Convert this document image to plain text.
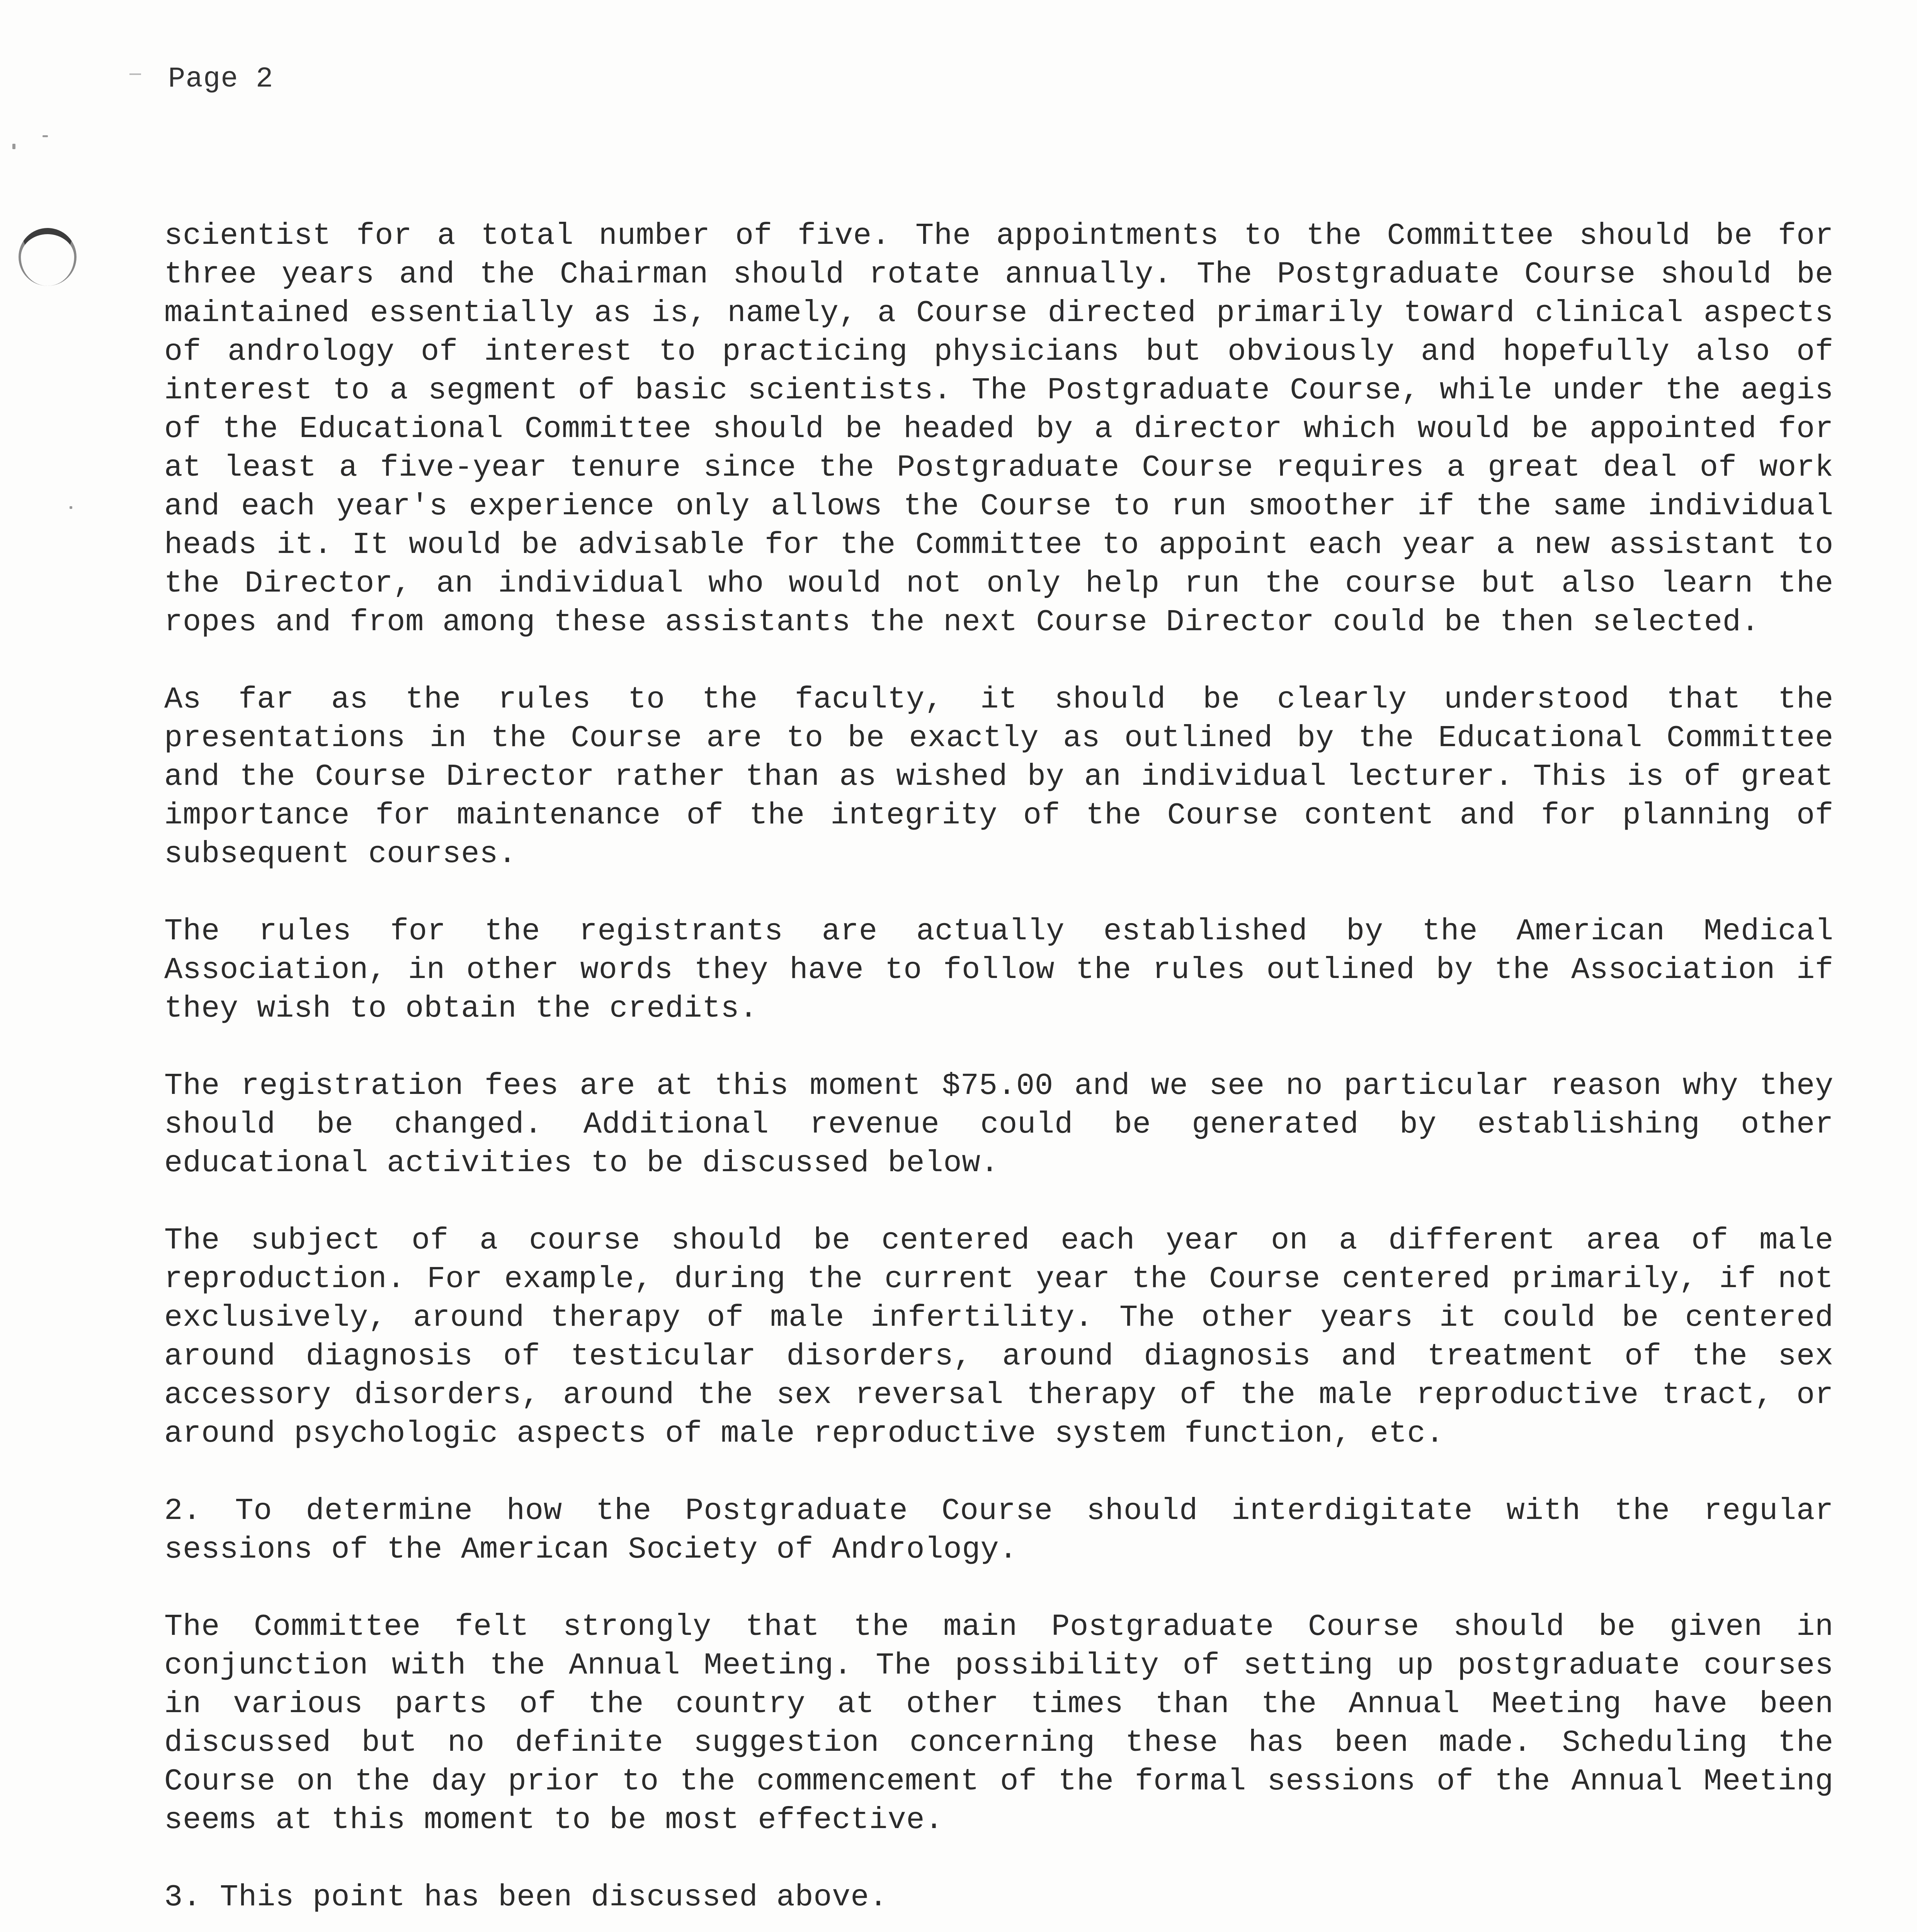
Page 2

scientist for a total number of five. The appointments to the Committee should be for three years and the Chairman should rotate annually. The Postgraduate Course should be maintained essentially as is, namely, a Course directed primarily toward clinical aspects of andrology of interest to practicing physicians but obviously and hopefully also of interest to a segment of basic scientists. The Postgraduate Course, while under the aegis of the Educational Committee should be headed by a director which would be appointed for at least a five-year tenure since the Postgraduate Course requires a great deal of work and each year's experience only allows the Course to run smoother if the same individual heads it. It would be advisable for the Committee to appoint each year a new assistant to the Director, an individual who would not only help run the course but also learn the ropes and from among these assistants the next Course Director could be then selected.

As far as the rules to the faculty, it should be clearly understood that the presentations in the Course are to be exactly as outlined by the Educational Committee and the Course Director rather than as wished by an individual lecturer. This is of great importance for maintenance of the integrity of the Course content and for planning of subsequent courses.

The rules for the registrants are actually established by the American Medical Association, in other words they have to follow the rules outlined by the Association if they wish to obtain the credits.

The registration fees are at this moment $75.00 and we see no particular reason why they should be changed. Additional revenue could be generated by establishing other educational activities to be discussed below.

The subject of a course should be centered each year on a different area of male reproduction. For example, during the current year the Course centered primarily, if not exclusively, around therapy of male infertility. The other years it could be centered around diagnosis of testicular disorders, around diagnosis and treatment of the sex accessory disorders, around the sex reversal therapy of the male reproductive tract, or around psychologic aspects of male reproductive system function, etc.

2. To determine how the Postgraduate Course should interdigitate with the regular sessions of the American Society of Andrology.

The Committee felt strongly that the main Postgraduate Course should be given in conjunction with the Annual Meeting. The possibility of setting up postgraduate courses in various parts of the country at other times than the Annual Meeting have been discussed but no definite suggestion concerning these has been made. Scheduling the Course on the day prior to the commencement of the formal sessions of the Annual Meeting seems at this moment to be most effective.

3. This point has been discussed above.
